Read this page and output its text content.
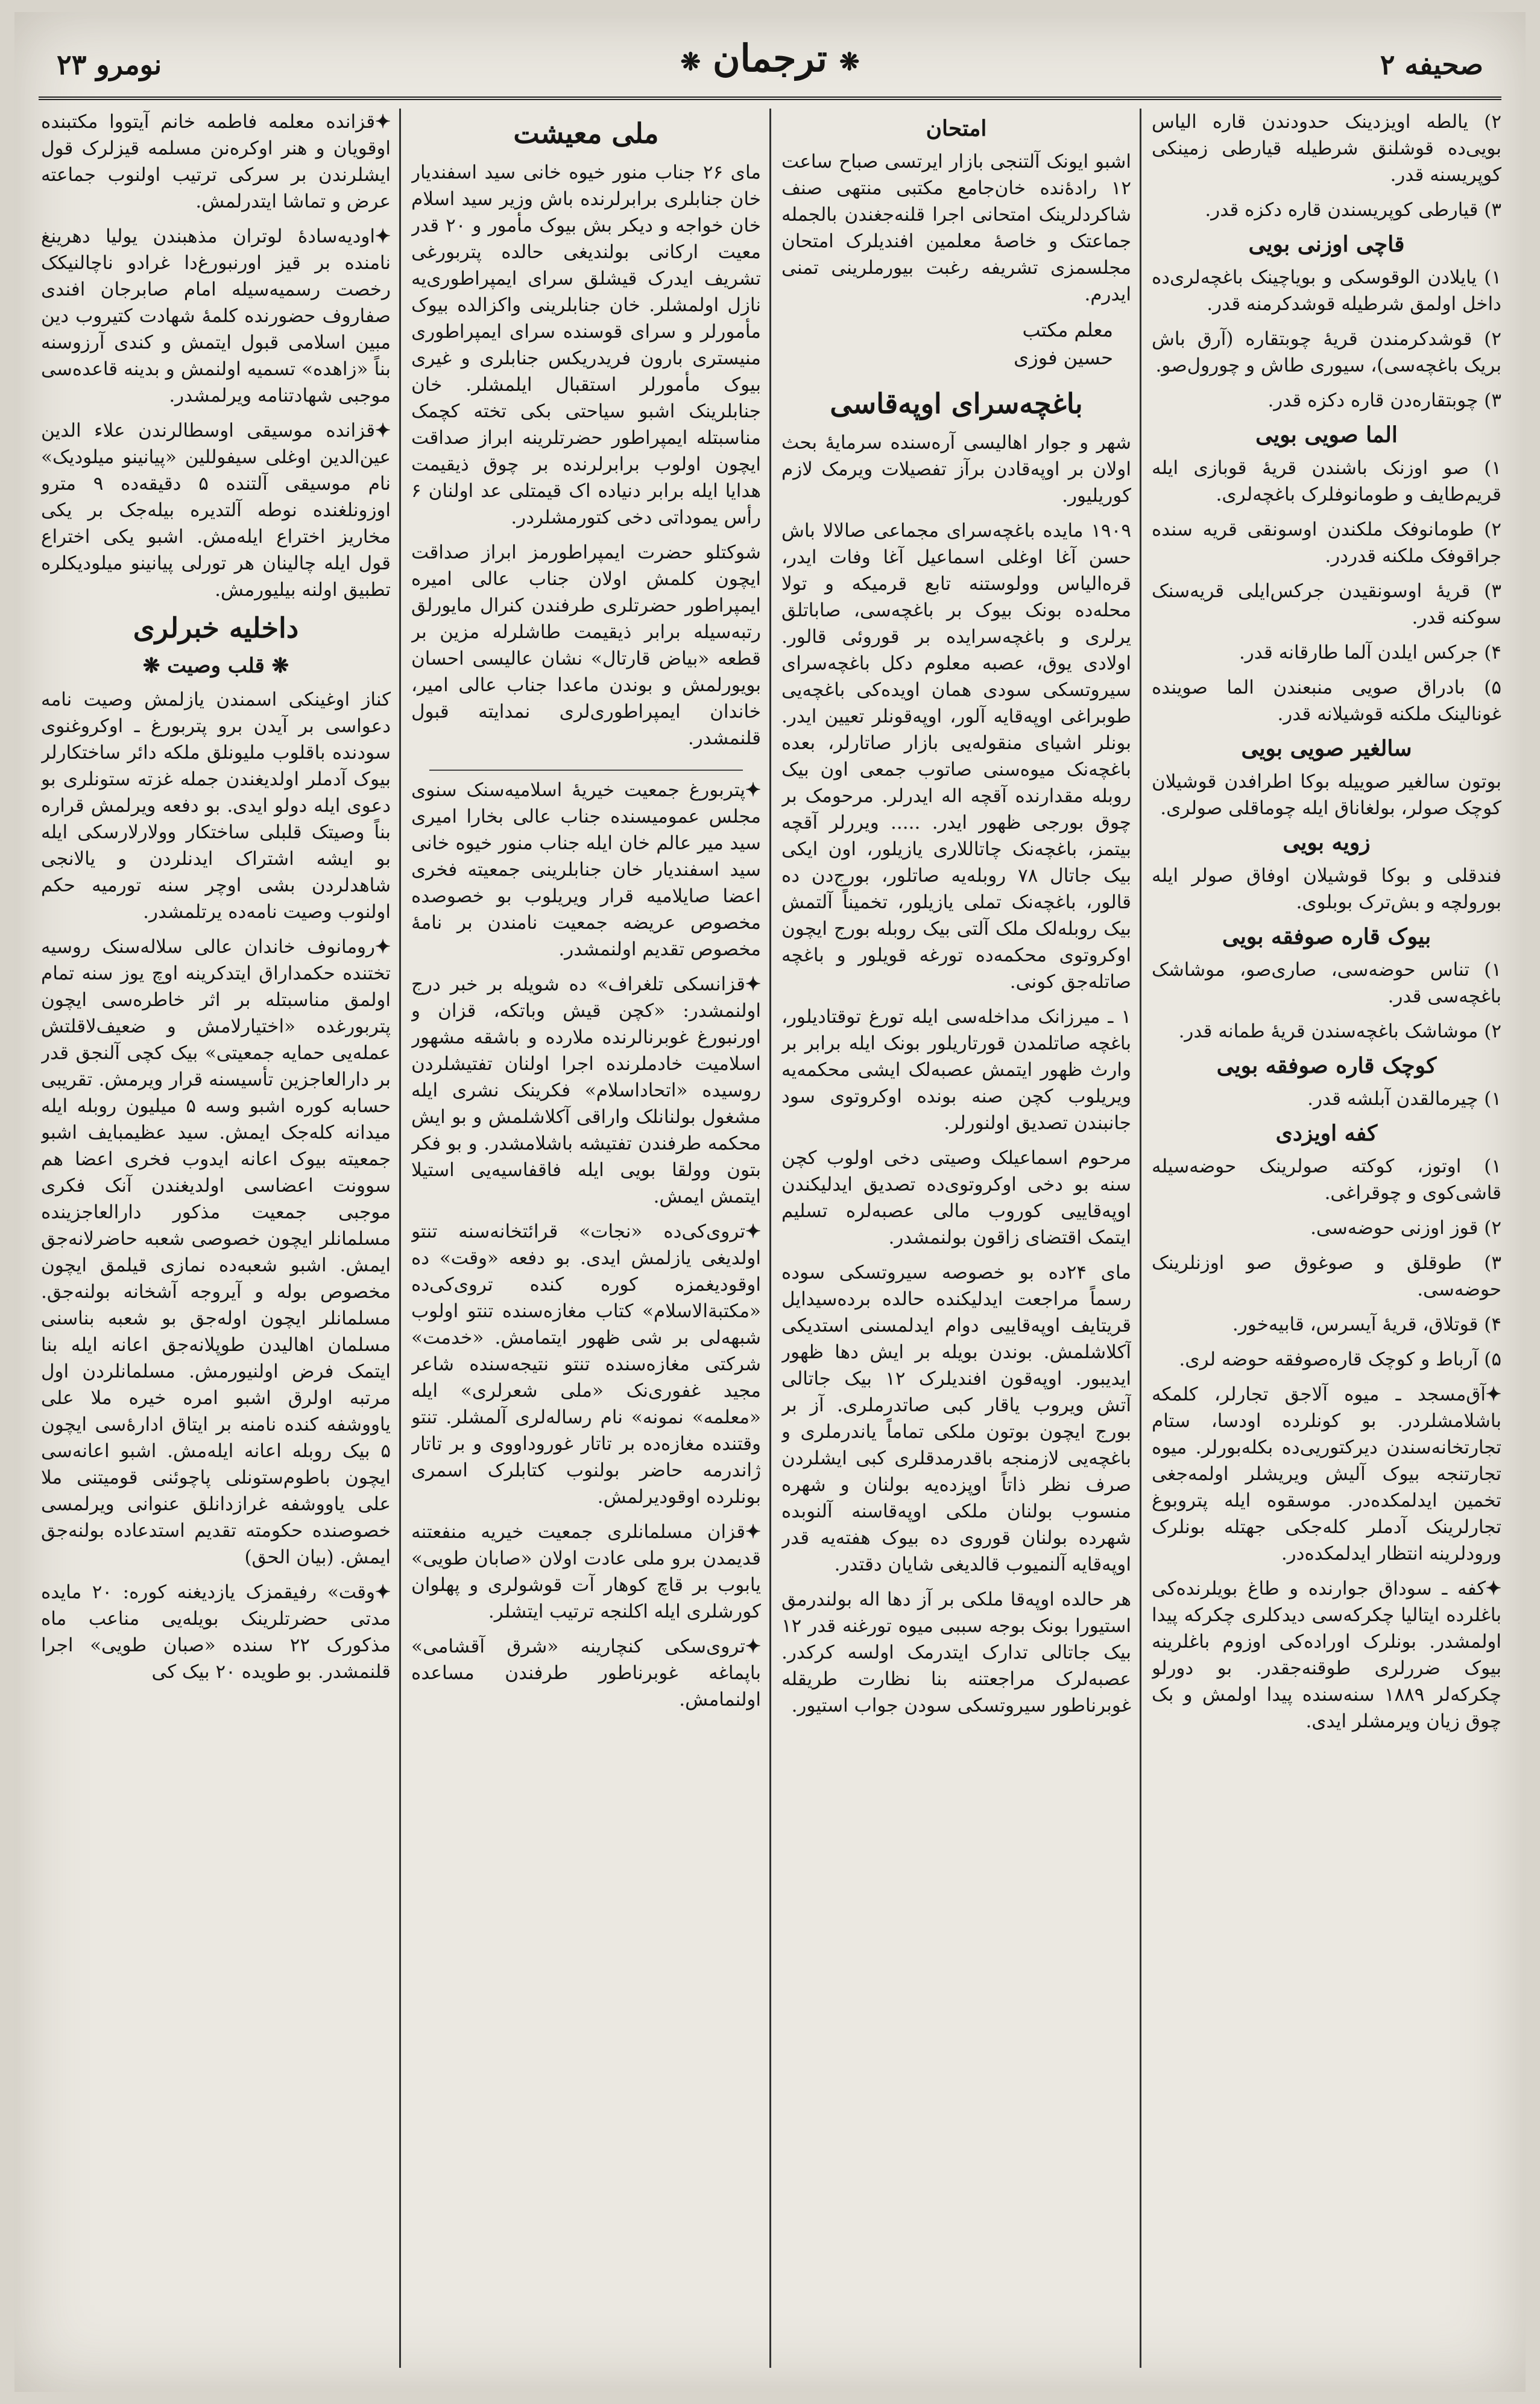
صحیفه ۲
❋ترجمان❋
نومرو ۲۳

۲) یالطه اویزدینک حدودندن قاره الیاس بویی‌ده قوشلنق شرطیله قیارطی زمینکی کوپریسنه قدر.

۳) قیارطی کوپریسندن قاره دکزه قدر.

قاچی اوزنی بویی

۱) یایلادن الوقوسکی و بویاچینک باغچه‌لری‌ده داخل اولمق شرطیله قوشدکرمنه قدر.

۲) قوشدکرمندن قریهٔ چوبتقاره (آرق باش بریک باغچه‌سی)، سیوری طاش و چورول‌صو.

۳) چوبتقاره‌دن قاره دکزه قدر.

الما صویی بویی

۱) صو اوزنک باشندن قریهٔ قوبازی ایله قریم‌طایف و طومانوفلرک باغچه‌لری.

۲) طومانوفک ملکندن اوسونقی قریه سنده جراقوفک ملکنه قدردر.

۳) قریهٔ اوسونقیدن جرکس‌ایلی قریه‌سنک سوکنه قدر.

۴) جرکس ایلدن آلما طارقانه قدر.

۵) بادراق صویی منبعندن الما صوینده غونالینک ملکنه قوشیلانه قدر.

سالغیر صویی بویی

بوتون سالغیر صوییله بوکا اطرافدن قوشیلان کوچک صولر، بولغاناق ایله چوماقلی صولری.

زویه بویی

فندقلی و بوکا قوشیلان اوفاق صولر ایله بورولچه و بش‌ترک بوبلوی.

بیوک قاره صوفقه بویی

۱) تناس حوضه‌سی، صاری‌صو، موشاشک باغچه‌سی قدر.

۲) موشاشک باغچه‌سندن قریهٔ طمانه قدر.

کوچک قاره صوفقه بویی

۱) چیرمالقدن آبلشه قدر.

کفه اویزدی

۱) اوتوز، کوکته صولرینک حوضه‌سیله قاشی‌کوی و چوقراغی.

۲) قوز اوزنی حوضه‌سی.

۳) طوقلق و صوغوق صو اوزنلرینک حوضه‌سی.

۴) قوتلاق، قریهٔ آیسرس، قابیه‌خور.

۵) آرباط و کوچک قاره‌صوفقه حوضه لری.

✦ آق‌مسجد ـ میوه آلاجق تجارلر، کلمکه باشلامشلردر. بو کونلرده اودسا، ستام تجارتخانه‌سندن دیرکتوریی‌ده بکله‌بورلر. میوه تجارتنجه بیوک آلیش ویریشلر اولمه‌جغی تخمین ایدلمکده‌در. موسقوه ایله پتروبوغ تجارلرینک آدملر کله‌جکی جهتله بونلرک ورودلرینه انتظار ایدلمکده‌در.

✦ کفه ـ سوداق جوارنده و طاغ بویلرنده‌کی باغلرده ایتالیا چکرکه‌سی دیدکلری چکرکه پیدا اولمشدر. بونلرک اوراده‌کی اوزوم باغلرینه بیوک ضررلری طوقنه‌جقدر. بو دورلو چکرکه‌لر ۱۸۸۹ سنه‌سنده پیدا اولمش و بک چوق زیان ویرمشلر ایدی.

امتحان

اشبو ایونک آلتنجی بازار ایرتسی صباح ساعت ۱۲ رادهٔ‌نده خان‌جامع مکتبی منتهی صنف شاکردلرینک امتحانی اجرا قلنه‌جغندن بالجمله جماعتک و خاصهٔ معلمین افندیلرک امتحان مجلسمزی تشریفه رغبت بیورملرینی تمنی ایدرم.

معلم مکتب
حسین فوزی
باغچه‌سرای اوپه‌قاسی

شهر و جوار اهالیسی آره‌سنده سرمایهٔ بحث اولان بر اوپه‌قادن برآز تفصیلات ویرمک لازم کوریلیور.

۱۹۰۹ مایده باغچه‌سرای مجماعی صالالا باش حسن آغا اوغلی اسماعیل آغا وفات ایدر، قره‌الیاس وولوستنه تابع قرمیکه و تولا محله‌ده بونک بیوک بر باغچه‌سی، صاباتلق یرلری و باغچه‌سرایده بر قوروئی قالور. اولادی یوق، عصبه معلوم دکل باغچه‌سرای سیروتسکی سودی همان اویده‌کی باغچه‌یی طوبراغی اوپه‌قایه آلور، اوپه‌قونلر تعیین ایدر. بونلر اشیای منقوله‌یی بازار صاتارلر، بعده باغچه‌نک میوه‌سنی صاتوب جمعی اون بیک روبله مقدارنده آقچه اله ایدرلر. مرحومک بر چوق بورجی ظهور ایدر. ..... ویررلر آقچه بیتمز، باغچه‌نک چاتاللاری یازیلور، اون ایکی بیک جاتال ۷۸ روبله‌یه صاتلور، بورج‌دن ده قالور، باغچه‌نک تملی یازیلور، تخمیناً آلتمش بیک روبله‌لک ملک آلتی بیک روبله بورج ایچون اوکروتوی محکمه‌ده تورغه قویلور و باغچه صاتله‌جق کونی.

۱ ـ میرزانک مداخله‌سی ایله تورغ توقتادیلور، باغچه صاتلمدن قورتاریلور بونک ایله برابر بر وارث ظهور ایتمش عصبه‌لک ایشی محکمه‌یه ویریلوب کچن صنه بونده اوکروتوی سود جانبندن تصدیق اولنورلر.

مرحوم اسماعیلک وصیتی دخی اولوب کچن سنه بو دخی اوکروتوی‌ده تصدیق ایدلیکندن اوپه‌قاییی کوروب مالی عصبه‌لره تسلیم ایتمک اقتضای زاقون بولنمشدر.

مای ۲۴ده بو خصوصه سیروتسکی سوده رسماً مراجعت ایدلیکنده حالده برده‌سیدایل قریتایف اوپه‌قاییی دوام ایدلمسنی استدیکی آکلاشلمش. بوندن بویله بر ایش دها ظهور ایدیبور. اوپه‌قون افندیلرک ۱۲ بیک جاتالی آتش ویروب یاقار کبی صاتدرملری. آز بر بورج ایچون بوتون ملکی تماماً یاندرملری و باغچه‌یی لازمنجه باقدرمدقلری کبی ایشلردن صرف نظر ذاتاً اوپزده‌یه بولنان و شهره منسوب بولنان ملکی اوپه‌قاسنه آلنوبده شهرده بولنان قوروی ده بیوک هفته‌یه قدر اوپه‌قایه آلنمیوب قالدیغی شایان دقتدر.

هر حالده اوپه‌قا ملکی بر آز دها اله بولندرمق استیورا بونک بوجه سببی میوه تورغنه قدر ۱۲ بیک جاتالی تدارک ایتدرمک اولسه کرکدر. عصبه‌لرک مراجعتنه بنا نظارت طریقله غوبرناطور سیروتسکی سودن جواب استیور.

ملی معیشت

مای ۲۶ جناب منور خیوه خانی سید اسفندیار خان جنابلری برابرلرنده باش وزیر سید اسلام خان خواجه و دیکر بش بیوک مأمور و ۲۰ قدر معیت ارکانی بولندیغی حالده پتربورغی تشریف ایدرک قیشلق سرای ایمپراطوری‌یه نازل اولمشلر. خان جنابلرینی واکزالده بیوک مأمورلر و سرای قوسنده سرای ایمپراطوری منیستری بارون فریدریکس جنابلری و غیری بیوک مأمورلر استقبال ایلمشلر. خان جنابلرینک اشبو سیاحتی بکی تخته کچمک مناسبتله ایمپراطور حضرتلرینه ابراز صداقت ایچون اولوب برابرلرنده بر چوق ذیقیمت هدایا ایله برابر دنیاده اک قیمتلی عد اولنان ۶ رأس یموداتی دخی کتورمشلردر.

شوکتلو حضرت ایمپراطورمز ابراز صداقت ایچون کلمش اولان جناب عالی امیره ایمپراطور حضرتلری طرفندن کنرال مایورلق رتبه‌سیله برابر ذیقیمت طاشلرله مزین بر قطعه «بیاض قارتال» نشان عالیسی احسان بویورلمش و بوندن ماعدا جناب عالی امیر، خاندان ایمپراطوری‌لری نمدایته قبول قلنمشدر.

✦ پتربورغ جمعیت خیریهٔ اسلامیه‌سنک سنوی مجلس عمومیسنده جناب عالی بخارا امیری سید میر عالم خان ایله جناب منور خیوه خانی سید اسفندیار خان جنابلرینی جمعیته فخری اعضا صایلامیه قرار ویریلوب بو خصوصده مخصوص عریضه جمعیت نامندن بر نامهٔ مخصوص تقدیم اولنمشدر.

✦ قزانسکی تلغراف» ده شویله بر خبر درج اولنمشدر: «کچن قیش وباتکه، قزان و اورنبورغ غوبرنالرنده ملارده و باشقه مشهور اسلامیت خادملرنده اجرا اولنان تفتیشلردن روسیده «اتحاداسلام» فکرینک نشری ایله مشغول بولنانلک واراقی آکلاشلمش و بو ایش محکمه طرفندن تفتیشه باشلامشدر. و بو فکر بتون وولقا بویی ایله فاقفاسیه‌یی استیلا ایتمش ایمش.

✦ تروی‌کی‌ده «نجات» قرائتخانه‌سنه تنتو اولدیغی یازلمش ایدی. بو دفعه «وقت» ده اوقودیغمزه کوره کنده تروی‌کی‌ده «مکتبةالاسلام» کتاب مغازه‌سنده تنتو اولوب شبهه‌لی بر شی ظهور ایتمامش. «خدمت» شرکتی مغازه‌سنده تنتو نتیجه‌سنده شاعر مجید غفوری‌نک «ملی شعرلری» ایله «معلمه» نمونه» نام رساله‌لری آلمشلر. تنتو وقتنده مغازه‌ده بر تاتار غوروداووی و بر تاتار ژاندرمه حاضر بولنوب کتابلرک اسمری بونلرده اوقودیرلمش.

✦ قزان مسلمانلری جمعیت خیریه منفعتنه قدیمدن برو ملی عادت اولان «صابان طویی» یابوب بر قاچ کوهار آت قوشولری و پهلوان کورشلری ایله اکلنجه ترتیب ایتشلر.

✦ تروی‌سکی کنچارینه «شرق آقشامی» باپماغه غوبرناطور طرفندن مساعده اولنمامش.

✦ قزانده معلمه فاطمه خانم آیتووا مکتبنده اوقویان و هنر اوکره‌نن مسلمه قیزلرک قول ایشلرندن بر سرکی ترتیب اولنوب جماعته عرض و تماشا ایتدرلمش.

✦ اودیه‌سادهٔ لوتران مذهبندن یولیا دهرینغ نامنده بر قیز اورنبورغ‌دا غرادو ناچالنیکک رخصت رسمیه‌سیله امام صابرجان افندی صفاروف حضورنده کلمهٔ شهادت کتیروب دین مبین اسلامی قبول ایتمش و کندی آرزوسنه بناً «زاهده» تسمیه اولنمش و بدینه قاعده‌سی موجبی شهادتنامه ویرلمشدر.

✦ قزانده موسیقی اوسطالرندن علاء الدین عین‌الدین اوغلی سیفوللین «پیانینو میلودیک» نام موسیقی آلتنده ۵ دقیقه‌ده ۹ مترو اوزونلغنده نوطه آلتدیره بیله‌جک بر یکی مخاریز اختراع ایله‌مش. اشبو یکی اختراع قول ایله چالینان هر تورلی پیانینو میلودیکلره تطبیق اولنه بیلیورمش.

داخلیه خبرلری
❋ قلب وصیت ❋

کناز اوغینکی اسمندن یازلمش وصیت نامه دعواسی بر آیدن برو پتربورغ ـ اوکروغنوی سودنده باقلوب ملیونلق ملکه دائر ساختکارلر بیوک آدملر اولدیغندن جمله غزته ستونلری بو دعوی ایله دولو ایدی. بو دفعه ویرلمش قراره بناً وصیتک قلبلی ساختکار وولارلارسکی ایله بو ایشه اشتراک ایدنلردن و یالانجی شاهدلردن بشی اوچر سنه تورمیه حکم اولنوب وصیت نامه‌ده یرتلمشدر.

✦ رومانوف خاندان عالی سلاله‌سنک روسیه تختنده حکمداراق ایتدکرینه اوچ یوز سنه تمام اولمق مناسبتله بر اثر خاطره‌سی ایچون پتربورغده «اختیارلامش و ضعیف‌لاقلتش عمله‌یی حمایه جمعیتی» بیک کچی آلنجق قدر بر دارالعاجزین تأسیسنه قرار ویرمش. تقریبی حسابه کوره اشبو وسه ۵ میلیون روبله ایله میدانه کله‌جک ایمش. سید عظیمبایف اشبو جمعیته بیوک اعانه ایدوب فخری اعضا هم سوونت اعضاسی اولدیغندن آنک فکری موجبی جمعیت مذکور دارالعاجزینده مسلمانلر ایچون خصوصی شعبه حاضرلانه‌جق ایمش. اشبو شعبه‌ده نمازی قیلمق ایچون مخصوص بوله و آیروجه آشخانه بولنه‌جق. مسلمانلر ایچون اوله‌جق بو شعبه بناسنی مسلمان اهالیدن طوپلانه‌جق اعانه ایله بنا ایتمک فرض اولنیورمش. مسلمانلردن اول مرتبه اولرق اشبو امره خیره ملا علی یاووشفه کنده نامنه بر ایتاق ادارهٔ‌سی ایچون ۵ بیک روبله اعانه ایله‌مش. اشبو اعانه‌سی ایچون باطوم‌ستونلی پاچوئنی قومیتنی ملا علی یاووشفه غرازدانلق عنوانی ویرلمسی خصوصنده حکومته تقدیم استدعاده بولنه‌جق ایمش. (بیان الحق)

✦ وقت» رفیقمزک یازدیغنه کوره: ۲۰ مایده مدتی حضرتلرینک بویله‌یی مناعب ماه مذکورک ۲۲ سنده «صبان طویی» اجرا قلنمشدر. بو طویده ۲۰ بیک کی
